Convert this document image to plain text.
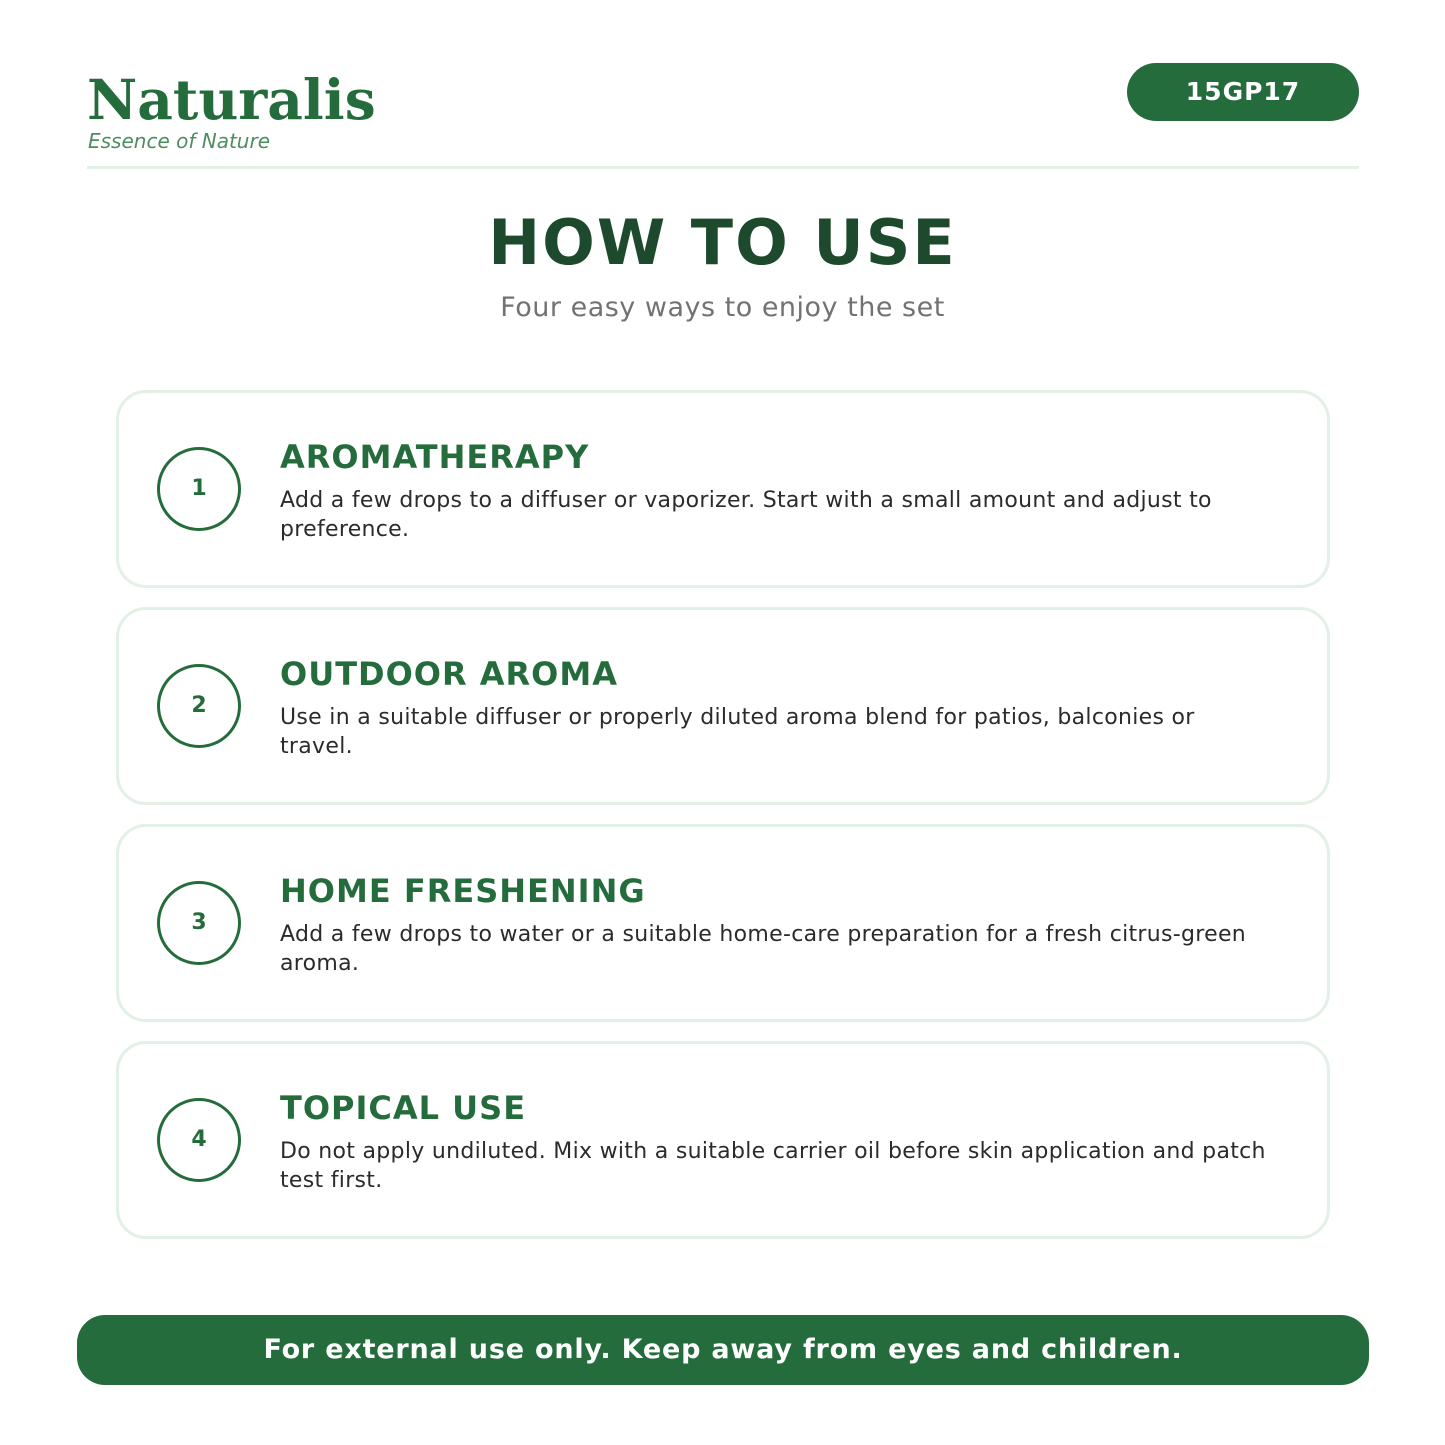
Naturalis
Essence of Nature
15GP17
HOW TO USE
Four easy ways to enjoy the set
1
AROMATHERAPY
Add a few drops to a diffuser or vaporizer. Start with a small amount and adjust to preference.
2
OUTDOOR AROMA
Use in a suitable diffuser or properly diluted aroma blend for patios, balconies or travel.
3
HOME FRESHENING
Add a few drops to water or a suitable home-care preparation for a fresh citrus-green aroma.
4
TOPICAL USE
Do not apply undiluted. Mix with a suitable carrier oil before skin application and patch test first.
For external use only. Keep away from eyes and children.
